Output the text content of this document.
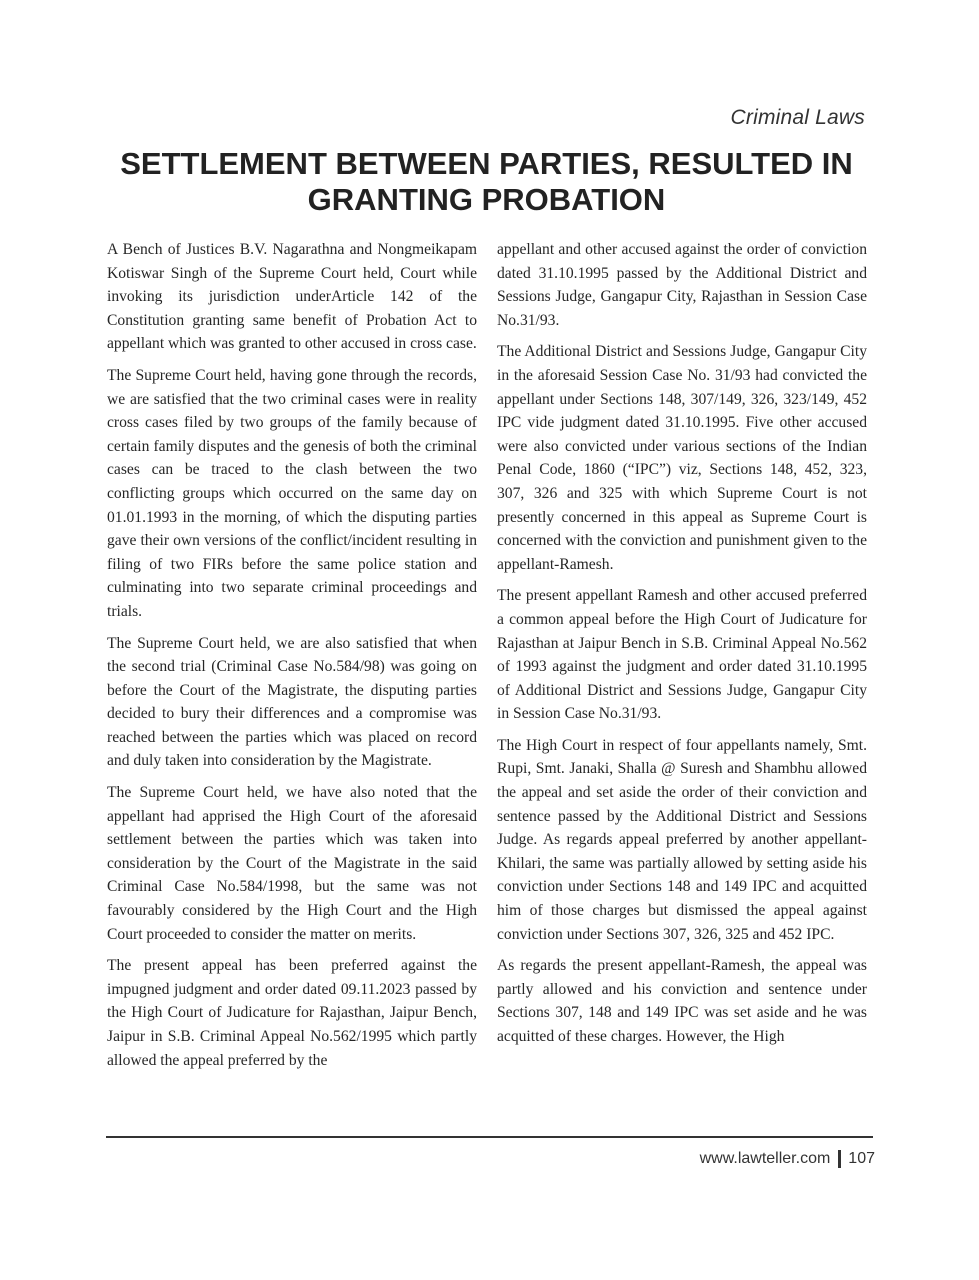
Criminal Laws
SETTLEMENT BETWEEN PARTIES, RESULTED IN GRANTING PROBATION

A Bench of Justices B.V. Nagarathna and Nongmeikapam Kotiswar Singh of the Supreme Court held, Court while invoking its jurisdiction underArticle 142 of the Constitution granting same benefit of Probation Act to appellant which was granted to other accused in cross case.

The Supreme Court held, having gone through the records, we are satisfied that the two criminal cases were in reality cross cases filed by two groups of the family because of certain family disputes and the genesis of both the criminal cases can be traced to the clash between the two conflicting groups which occurred on the same day on 01.01.1993 in the morning, of which the disputing parties gave their own versions of the conflict/incident resulting in filing of two FIRs before the same police station and culminating into two separate criminal proceedings and trials.

The Supreme Court held, we are also satisfied that when the second trial (Criminal Case No.584/98) was going on before the Court of the Magistrate, the disputing parties decided to bury their differences and a compromise was reached between the parties which was placed on record and duly taken into consideration by the Magistrate.

The Supreme Court held, we have also noted that the appellant had apprised the High Court of the aforesaid settlement between the parties which was taken into consideration by the Court of the Magistrate in the said Criminal Case No.584/1998, but the same was not favourably considered by the High Court and the High Court proceeded to consider the matter on merits.

The present appeal has been preferred against the impugned judgment and order dated 09.11.2023 passed by the High Court of Judicature for Rajasthan, Jaipur Bench, Jaipur in S.B. Criminal Appeal No.562/1995 which partly allowed the appeal preferred by the

appellant and other accused against the order of conviction dated 31.10.1995 passed by the Additional District and Sessions Judge, Gangapur City, Rajasthan in Session Case No.31/93.

The Additional District and Sessions Judge, Gangapur City in the aforesaid Session Case No. 31/93 had convicted the appellant under Sections 148, 307/149, 326, 323/149, 452 IPC vide judgment dated 31.10.1995. Five other accused were also convicted under various sections of the Indian Penal Code, 1860 (“IPC”) viz, Sections 148, 452, 323, 307, 326 and 325 with which Supreme Court is not presently concerned in this appeal as Supreme Court is concerned with the conviction and punishment given to the appellant-Ramesh.

The present appellant Ramesh and other accused preferred a common appeal before the High Court of Judicature for Rajasthan at Jaipur Bench in S.B. Criminal Appeal No.562 of 1993 against the judgment and order dated 31.10.1995 of Additional District and Sessions Judge, Gangapur City in Session Case No.31/93.

The High Court in respect of four appellants namely, Smt. Rupi, Smt. Janaki, Shalla @ Suresh and Shambhu allowed the appeal and set aside the order of their conviction and sentence passed by the Additional District and Sessions Judge. As regards appeal preferred by another appellant-Khilari, the same was partially allowed by setting aside his conviction under Sections 148 and 149 IPC and acquitted him of those charges but dismissed the appeal against conviction under Sections 307, 326, 325 and 452 IPC.

As regards the present appellant-Ramesh, the appeal was partly allowed and his conviction and sentence under Sections 307, 148 and 149 IPC was set aside and he was acquitted of these charges. However, the High

www.lawteller.com 107
